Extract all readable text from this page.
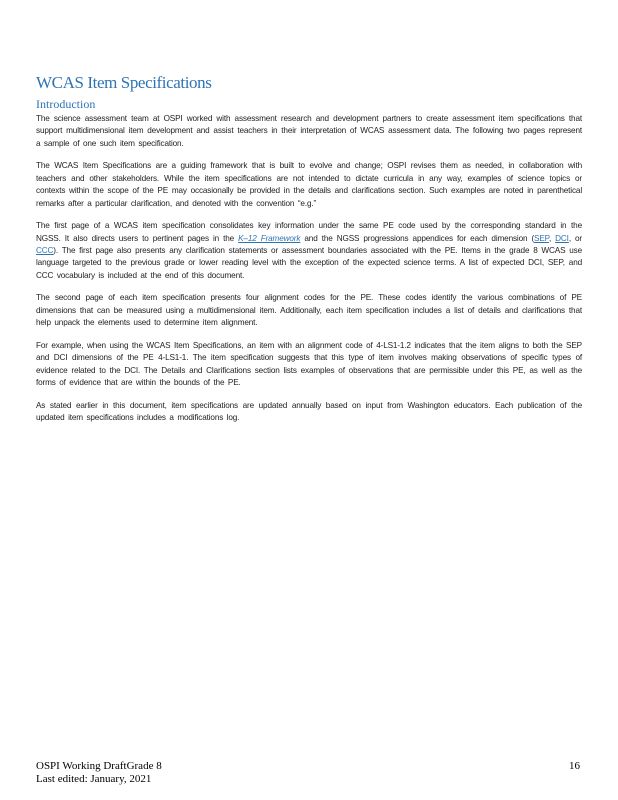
WCAS Item Specifications
Introduction

The science assessment team at OSPI worked with assessment research and development partners to create assessment item specifications that support multidimensional item development and assist teachers in their interpretation of WCAS assessment data. The following two pages represent a sample of one such item specification.

The WCAS Item Specifications are a guiding framework that is built to evolve and change; OSPI revises them as needed, in collaboration with teachers and other stakeholders. While the item specifications are not intended to dictate curricula in any way, examples of science topics or contexts within the scope of the PE may occasionally be provided in the details and clarifications section. Such examples are noted in parenthetical remarks after a particular clarification, and denoted with the convention “e.g.”

The first page of a WCAS item specification consolidates key information under the same PE code used by the corresponding standard in the NGSS. It also directs users to pertinent pages in the K–12 Framework and the NGSS progressions appendices for each dimension (SEP, DCI, or CCC). The first page also presents any clarification statements or assessment boundaries associated with the PE. Items in the grade 8 WCAS use language targeted to the previous grade or lower reading level with the exception of the expected science terms. A list of expected DCI, SEP, and CCC vocabulary is included at the end of this document.

The second page of each item specification presents four alignment codes for the PE. These codes identify the various combinations of PE dimensions that can be measured using a multidimensional item. Additionally, each item specification includes a list of details and clarifications that help unpack the elements used to determine item alignment.

For example, when using the WCAS Item Specifications, an item with an alignment code of 4-LS1-1.2 indicates that the item aligns to both the SEP and DCI dimensions of the PE 4-LS1-1. The item specification suggests that this type of item involves making observations of specific types of evidence related to the DCI. The Details and Clarifications section lists examples of observations that are permissible under this PE, as well as the forms of evidence that are within the bounds of the PE.

As stated earlier in this document, item specifications are updated annually based on input from Washington educators. Each publication of the updated item specifications includes a modifications log.

OSPI Working DraftGrade 8
Last edited: January, 2021
16
